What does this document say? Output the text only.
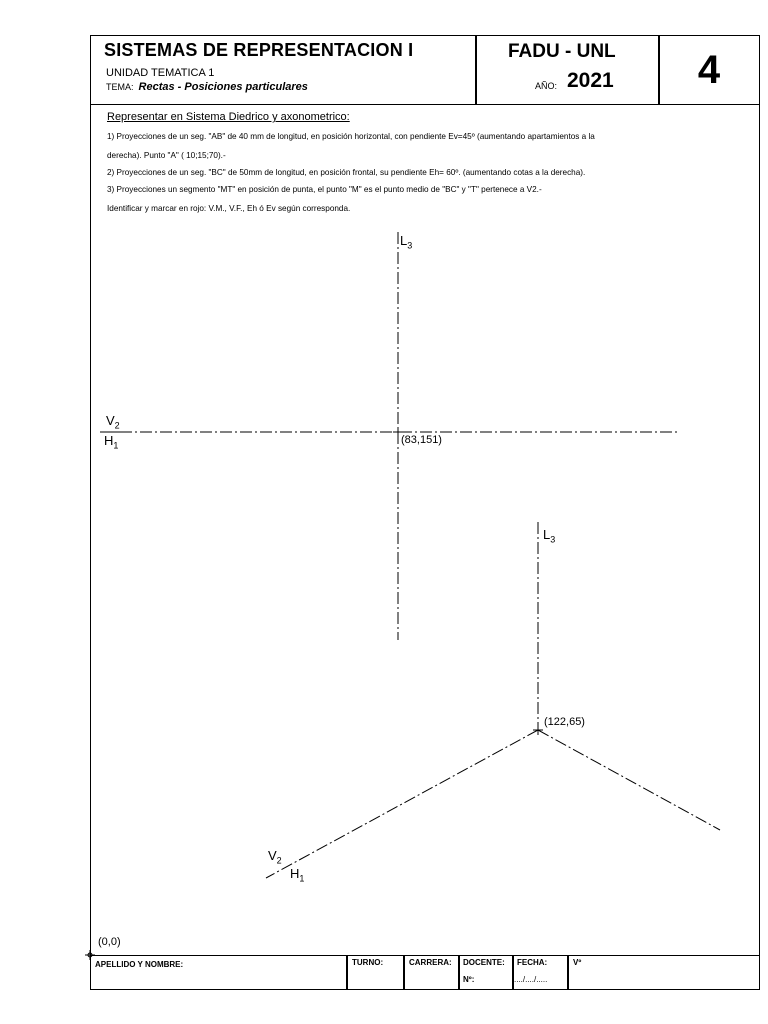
SISTEMAS DE REPRESENTACION I
UNIDAD TEMATICA 1
TEMA: Rectas - Posiciones particulares
FADU - UNL
AÑO: 2021	4
Representar en Sistema Diedrico y axonometrico:
1) Proyecciones de un seg. "AB" de 40 mm de longitud, en posición horizontal, con pendiente Ev=45º (aumentando apartamientos a la
derecha). Punto "A" ( 10;15;70).-
2) Proyecciones de un seg. "BC" de 50mm de longitud, en posición frontal, su pendiente Eh= 60º. (aumentando cotas a la derecha).
3) Proyecciones un segmento "MT" en posición de punta, el punto "M" es el punto medio de "BC" y "T" pertenece a V2.-
Identificar y marcar en rojo: V.M., V.F., Eh ó Ev según corresponda.
$L_3$
$V_2$
$H_1$	(83,151)
$L_3$
(122,65)
$V_2$
$H_1$
(0,0)
APELLIDO Y NOMBRE:	TURNO:	CARRERA: DOCENTE:
Nº:
FECHA:
..../..../.....
Vº
